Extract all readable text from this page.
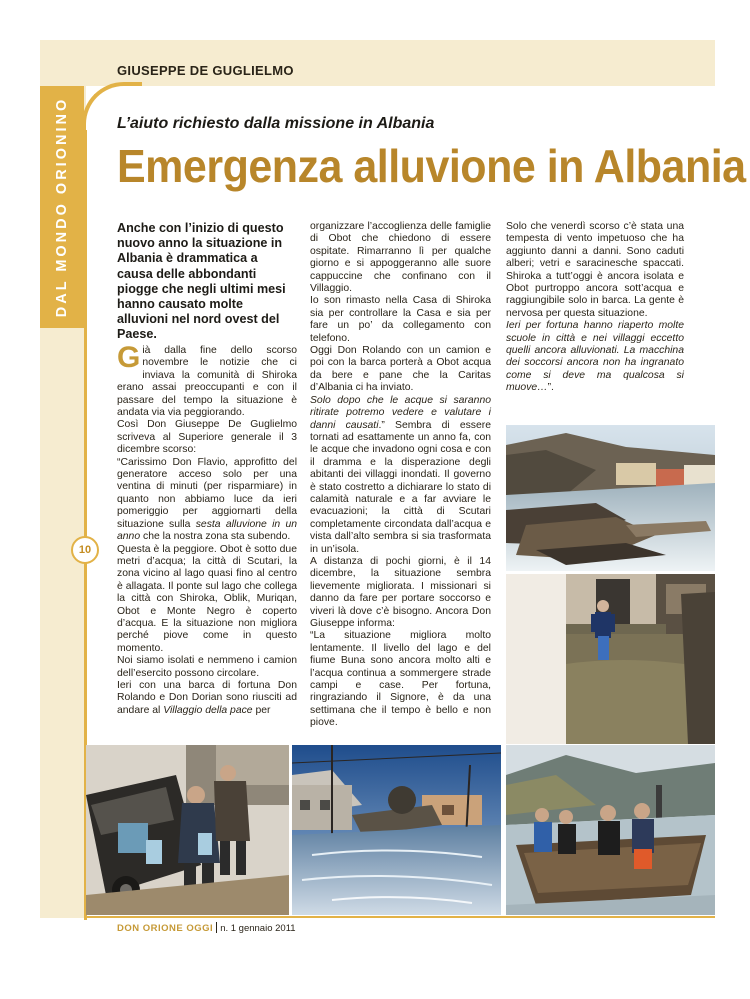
GIUSEPPE DE GUGLIELMO
DAL MONDO ORIONINO
10
L’aiuto richiesto dalla missione in Albania
Emergenza alluvione in Albania
Anche con l’inizio di questo nuovo anno la situazione in Albania è drammatica a causa delle abbondanti piogge che negli ultimi mesi hanno causato molte alluvioni nel nord ovest del Paese.

Già dalla fine dello scorso novembre le notizie che ci inviava la comunità di Shiroka erano assai preoccupanti e con il passare del tempo la situazione è andata via via peggiorando.

Così Don Giuseppe De Guglielmo scriveva al Superiore generale il 3 dicembre scorso:

“Carissimo Don Flavio, approfitto del generatore acceso solo per una ventina di minuti (per risparmiare) in quanto non abbiamo luce da ieri pomeriggio per aggiornarti della situazione sulla sesta alluvione in un anno che la nostra zona sta subendo.

Questa è la peggiore. Obot è sotto due metri d’acqua; la città di Scutari, la zona vicino al lago quasi fino al centro è allagata. Il ponte sul lago che collega la città con Shiroka, Oblik, Muriqan, Obot e Monte Negro è coperto d’acqua. E la situazione non migliora perché piove come in questo momento.

Noi siamo isolati e nemmeno i camion dell’esercito possono circolare.

Ieri con una barca di fortuna Don Rolando e Don Dorian sono riusciti ad andare al Villaggio della pace per

organizzare l’accoglienza delle famiglie di Obot che chiedono di essere ospitate. Rimarranno lì per qualche giorno e si appoggeranno alle suore cappuccine che confinano con il Villaggio.

Io son rimasto nella Casa di Shiroka sia per controllare la Casa e sia per fare un po’ da collegamento con telefono.

Oggi Don Rolando con un camion e poi con la barca porterà a Obot acqua da bere e pane che la Caritas d’Albania ci ha inviato.

Solo dopo che le acque si saranno ritirate potremo vedere e valutare i danni causati.” Sembra di essere tornati ad esattamente un anno fa, con le acque che invadono ogni cosa e con il dramma e la disperazione degli abitanti dei villaggi inondati. Il governo è stato costretto a dichiarare lo stato di calamità naturale e a far avviare le evacuazioni; la città di Scutari completamente circondata dall’acqua e vista dall’alto sembra si sia trasformata in un’isola.

A distanza di pochi giorni, è il 14 dicembre, la situazione sembra lievemente migliorata. I missionari si danno da fare per portare soccorso e viveri là dove c’è bisogno. Ancora Don Giuseppe informa:

“La situazione migliora molto lentamente. Il livello del lago e del fiume Buna sono ancora molto alti e l’acqua continua a sommergere strade campi e case. Per fortuna, ringraziando il Signore, è da una settimana che il tempo è bello e non piove.

Solo che venerdì scorso c’è stata una tempesta di vento impetuoso che ha aggiunto danni a danni. Sono caduti alberi; vetri e saracinesche spaccati. Shiroka a tutt’oggi è ancora isolata e Obot purtroppo ancora sott’acqua e raggiungibile solo in barca. La gente è nervosa per questa situazione.

Ieri per fortuna hanno riaperto molte scuole in città e nei villaggi eccetto quelli ancora alluvionati. La macchina dei soccorsi ancora non ha ingranato come si deve ma qualcosa si muove…”.

DON ORIONE OGGI n. 1 gennaio 2011
